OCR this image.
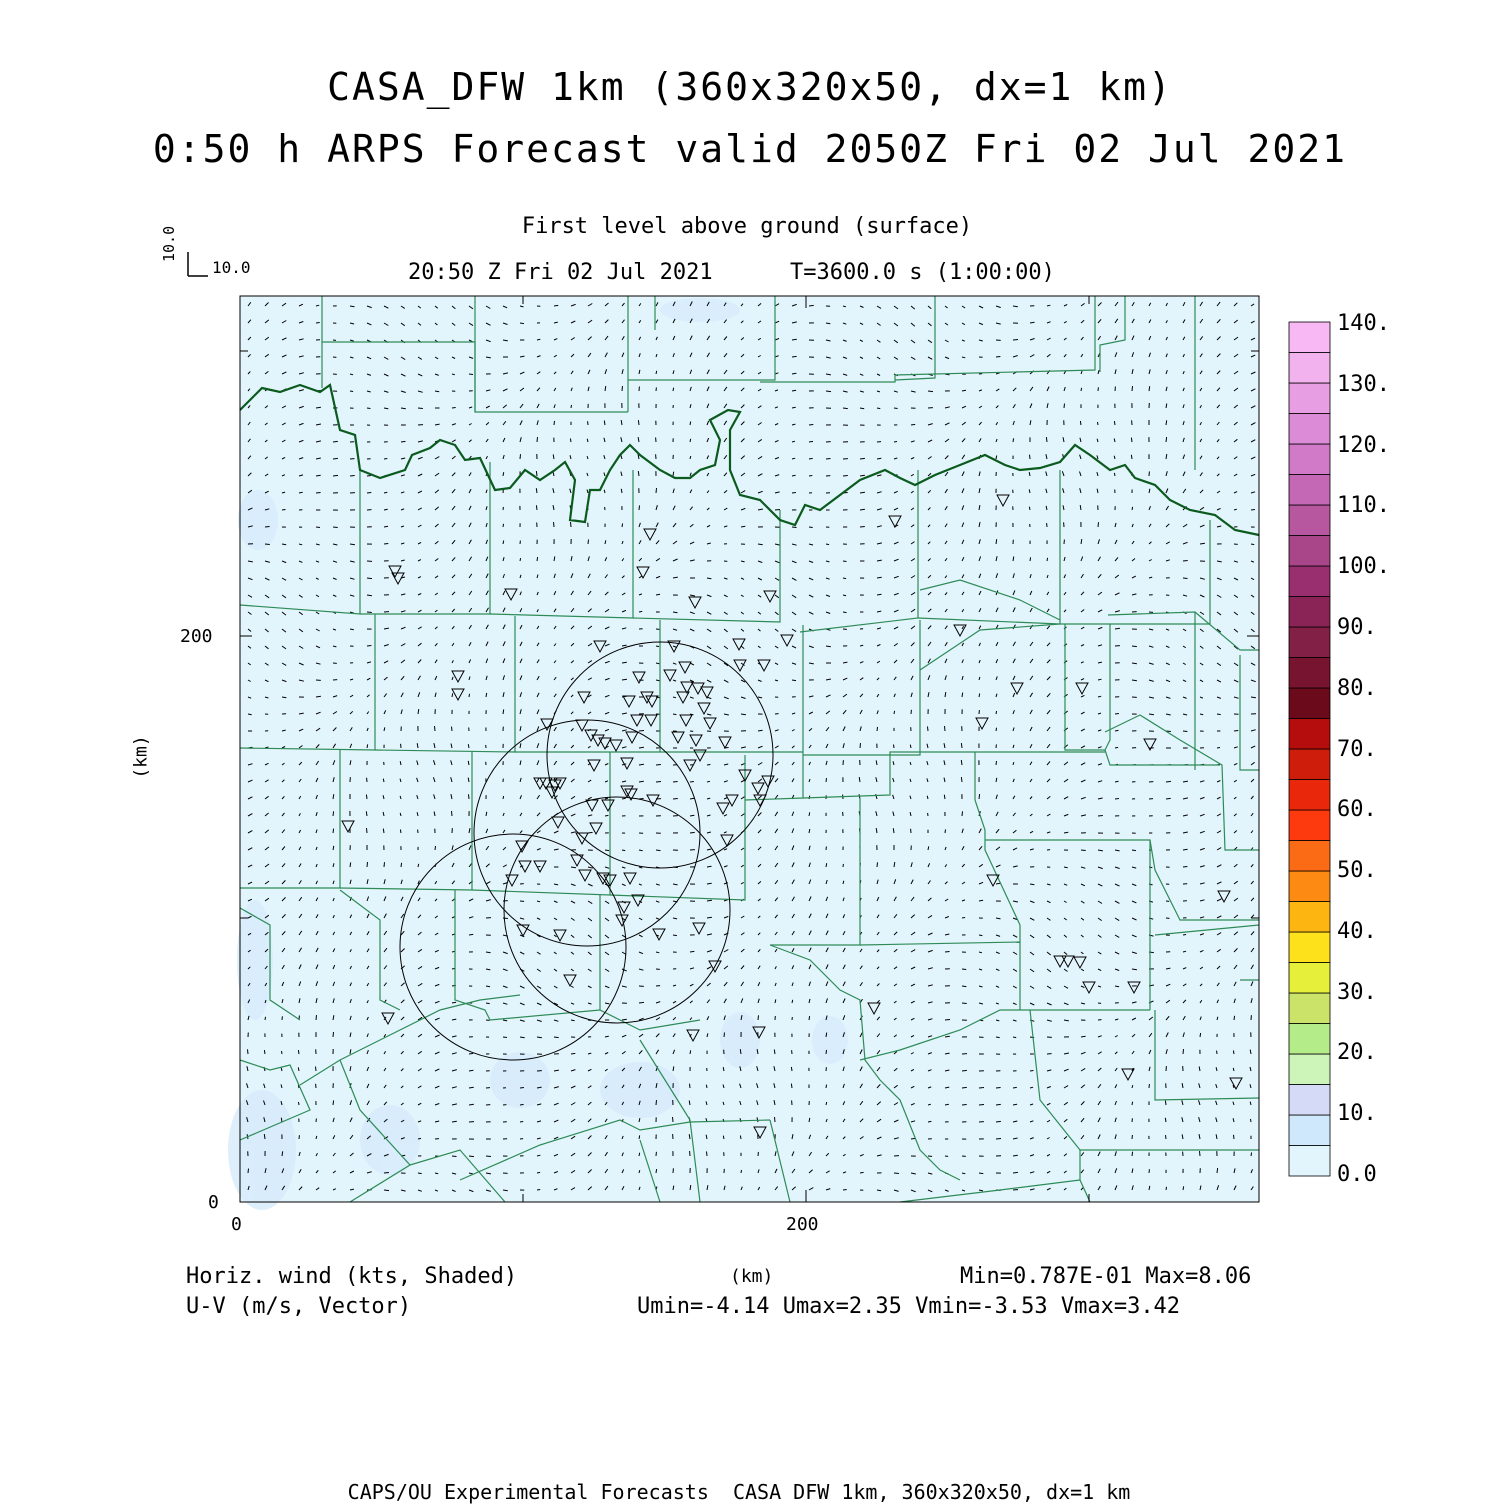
CASA_DFW 1km (360x320x50, dx=1 km)
0:50 h ARPS Forecast valid 2050Z Fri 02 Jul 2021
First level above ground (surface)
20:50 Z Fri 02 Jul 2021	T=3600.0 s (1:00:00)
10.0
10.0
(km)
200
0
0	200
0.0
10.
20.
30.
40.
50.
60.
70.
80.
90.
100.
110.
120.
130.
140.
Horiz. wind (kts, Shaded)
U-V (m/s, Vector)
(km)	Min=0.787E-01 Max=8.06
Umin=-4.14 Umax=2.35 Vmin=-3.53 Vmax=3.42
CAPS/OU Experimental Forecasts  CASA DFW 1km, 360x320x50, dx=1 km
